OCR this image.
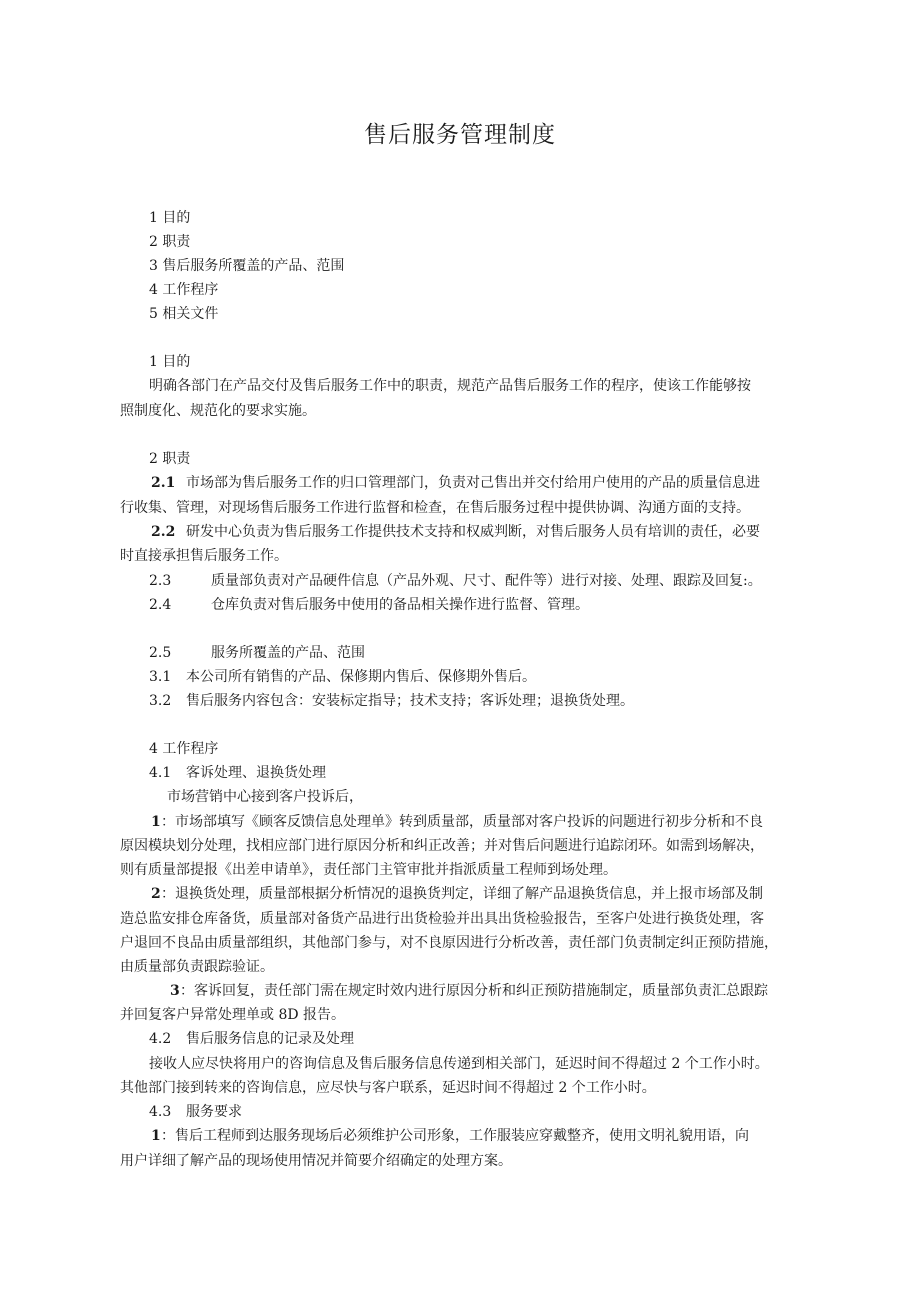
售后服务管理制度
1 目的
2 职责
3 售后服务所覆盖的产品、范围
4 工作程序
5 相关文件
1 目的
明确各部门在产品交付及售后服务工作中的职责，规范产品售后服务工作的程序，使该工作能够按
照制度化、规范化的要求实施。
2 职责
2.1 市场部为售后服务工作的归口管理部门，负责对己售出并交付给用户使用的产品的质量信息进
行收集、管理，对现场售后服务工作进行监督和检查，在售后服务过程中提供协调、沟通方面的支持。
2.2 研发中心负责为售后服务工作提供技术支持和权威判断，对售后服务人员有培训的责任，必要
时直接承担售后服务工作。
2.3	质量部负责对产品硬件信息（产品外观、尺寸、配件等）进行对接、处理、跟踪及回复:。
2.4	仓库负责对售后服务中使用的备品相关操作进行监督、管理。
2.5	服务所覆盖的产品、范围
3.1 本公司所有销售的产品、保修期内售后、保修期外售后。
3.2 售后服务内容包含：安装标定指导；技术支持；客诉处理；退换货处理。
4 工作程序
4.1 客诉处理、退换货处理
市场营销中心接到客户投诉后，
1 ：市场部填写《顾客反馈信息处理单》转到质量部，质量部对客户投诉的问题进行初步分析和不良
原因模块划分处理，找相应部门进行原因分析和纠正改善；并对售后问题进行追踪闭环。如需到场解决，
则有质量部提报《出差申请单》，责任部门主管审批并指派质量工程师到场处理。
2 ：退换货处理，质量部根据分析情况的退换货判定，详细了解产品退换货信息，并上报市场部及制
造总监安排仓库备货，质量部对备货产品进行出货检验并出具出货检验报告，至客户处进行换货处理，客
户退回不良品由质量部组织，其他部门参与，对不良原因进行分析改善，责任部门负责制定纠正预防措施，
由质量部负责跟踪验证。
3 ：客诉回复，责任部门需在规定时效内进行原因分析和纠正预防措施制定，质量部负责汇总跟踪
并回复客户异常处理单或 8D 报告。
4.2 售后服务信息的记录及处理
接收人应尽快将用户的咨询信息及售后服务信息传递到相关部门，延迟时间不得超过 2 个工作小时。
其他部门接到转来的咨询信息，应尽快与客户联系，延迟时间不得超过 2 个工作小时。
4.3 服务要求
1 ：售后工程师到达服务现场后必须维护公司形象，工作服装应穿戴整齐，使用文明礼貌用语，向
用户详细了解产品的现场使用情况并简要介绍确定的处理方案。
